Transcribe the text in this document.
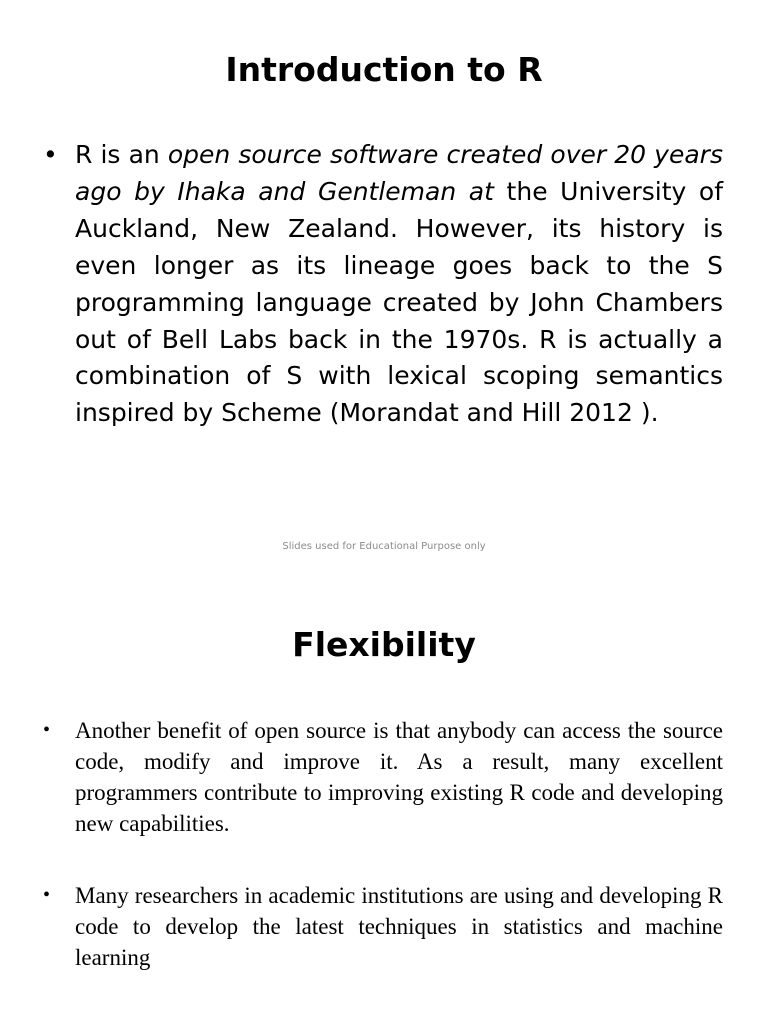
Introduction to R
• R is an open source software created over 20 years ago by Ihaka and Gentleman at the University of Auckland, New Zealand. However, its history is even longer as its lineage goes back to the S programming language created by John Chambers out of Bell Labs back in the 1970s. R is actually a combination of S with lexical scoping semantics inspired by Scheme (Morandat and Hill 2012 ).

Slides used for Educational Purpose only
Flexibility
•	Another benefit of open source is that anybody can access the source code, modify and improve it. As a result, many excellent programmers contribute to improving existing R code and developing new capabilities.

•	Many researchers in academic institutions are using and developing R code to develop the latest techniques in statistics and machine learning
